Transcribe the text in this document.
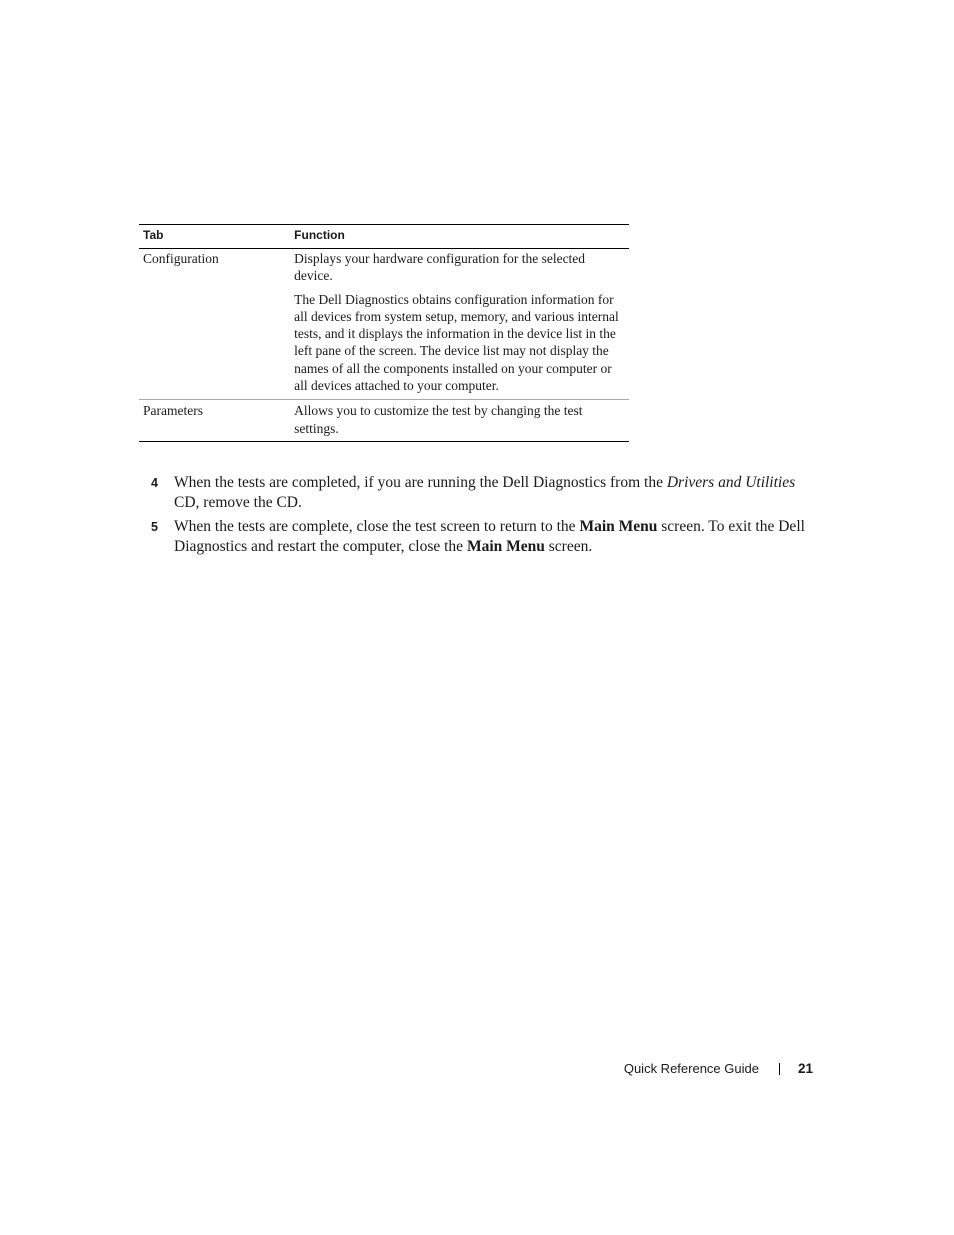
Tab	Function
Configuration	Displays your hardware configuration for the selected device.

The Dell Diagnostics obtains configuration information for all devices from system setup, memory, and various internal tests, and it displays the information in the device list in the left pane of the screen. The device list may not display the names of all the components installed on your computer or all devices attached to your computer.

Parameters	Allows you to customize the test by changing the test settings.

4 When the tests are completed, if you are running the Dell Diagnostics from the Drivers and Utilities CD, remove the CD.
5 When the tests are complete, close the test screen to return to the Main Menu screen. To exit the Dell Diagnostics and restart the computer, close the Main Menu screen.
Quick Reference Guide	21
